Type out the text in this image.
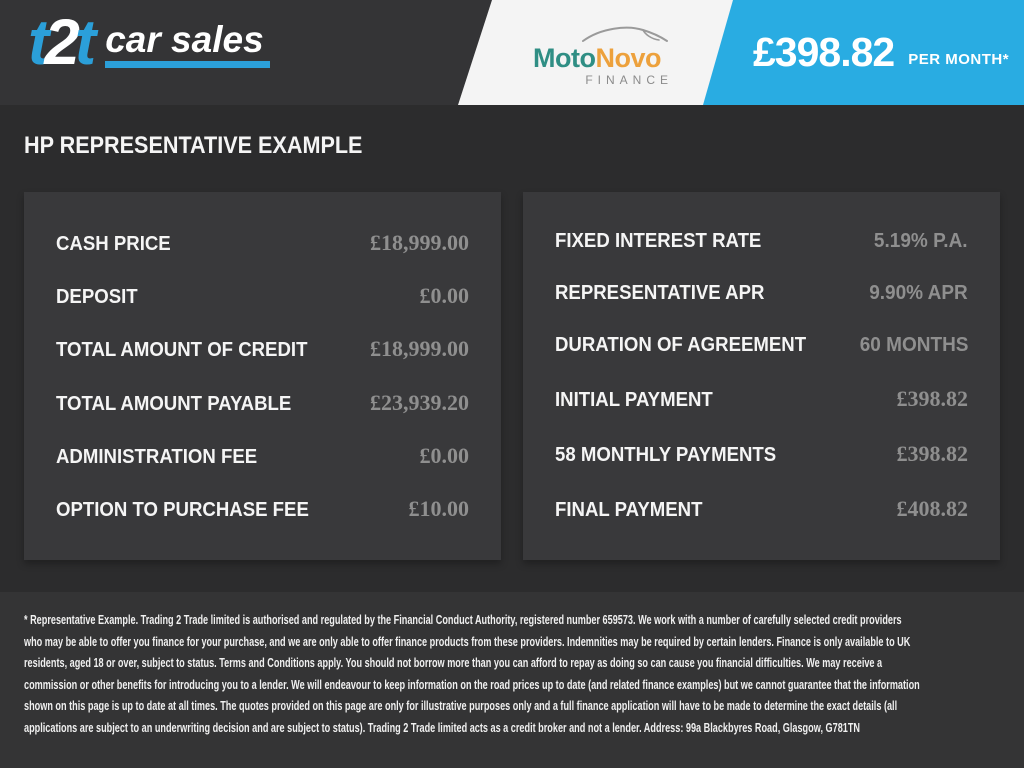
t2t car sales	MotoNovo
FINANCE
£398.82 PER MONTH*
HP REPRESENTATIVE EXAMPLE
CASH PRICE	£18,999.00
DEPOSIT	£0.00
TOTAL AMOUNT OF CREDIT	£18,999.00
TOTAL AMOUNT PAYABLE	£23,939.20
ADMINISTRATION FEE	£0.00
OPTION TO PURCHASE FEE	£10.00
FIXED INTEREST RATE	5.19% P.A.
REPRESENTATIVE APR	9.90% APR
DURATION OF AGREEMENT	60 MONTHS
INITIAL PAYMENT	£398.82
58 MONTHLY PAYMENTS	£398.82
FINAL PAYMENT	£408.82

* Representative Example. Trading 2 Trade limited is authorised and regulated by the Financial Conduct Authority, registered number 659573. We work with a number of carefully selected credit providers who may be able to offer you finance for your purchase, and we are only able to offer finance products from these providers. Indemnities may be required by certain lenders. Finance is only available to UK residents, aged 18 or over, subject to status. Terms and Conditions apply. You should not borrow more than you can afford to repay as doing so can cause you financial difficulties. We may receive a commission or other benefits for introducing you to a lender. We will endeavour to keep information on the road prices up to date (and related finance examples) but we cannot guarantee that the information shown on this page is up to date at all times. The quotes provided on this page are only for illustrative purposes only and a full finance application will have to be made to determine the exact details (all applications are subject to an underwriting decision and are subject to status). Trading 2 Trade limited acts as a credit broker and not a lender. Address: 99a Blackbyres Road, Glasgow, G781TN
